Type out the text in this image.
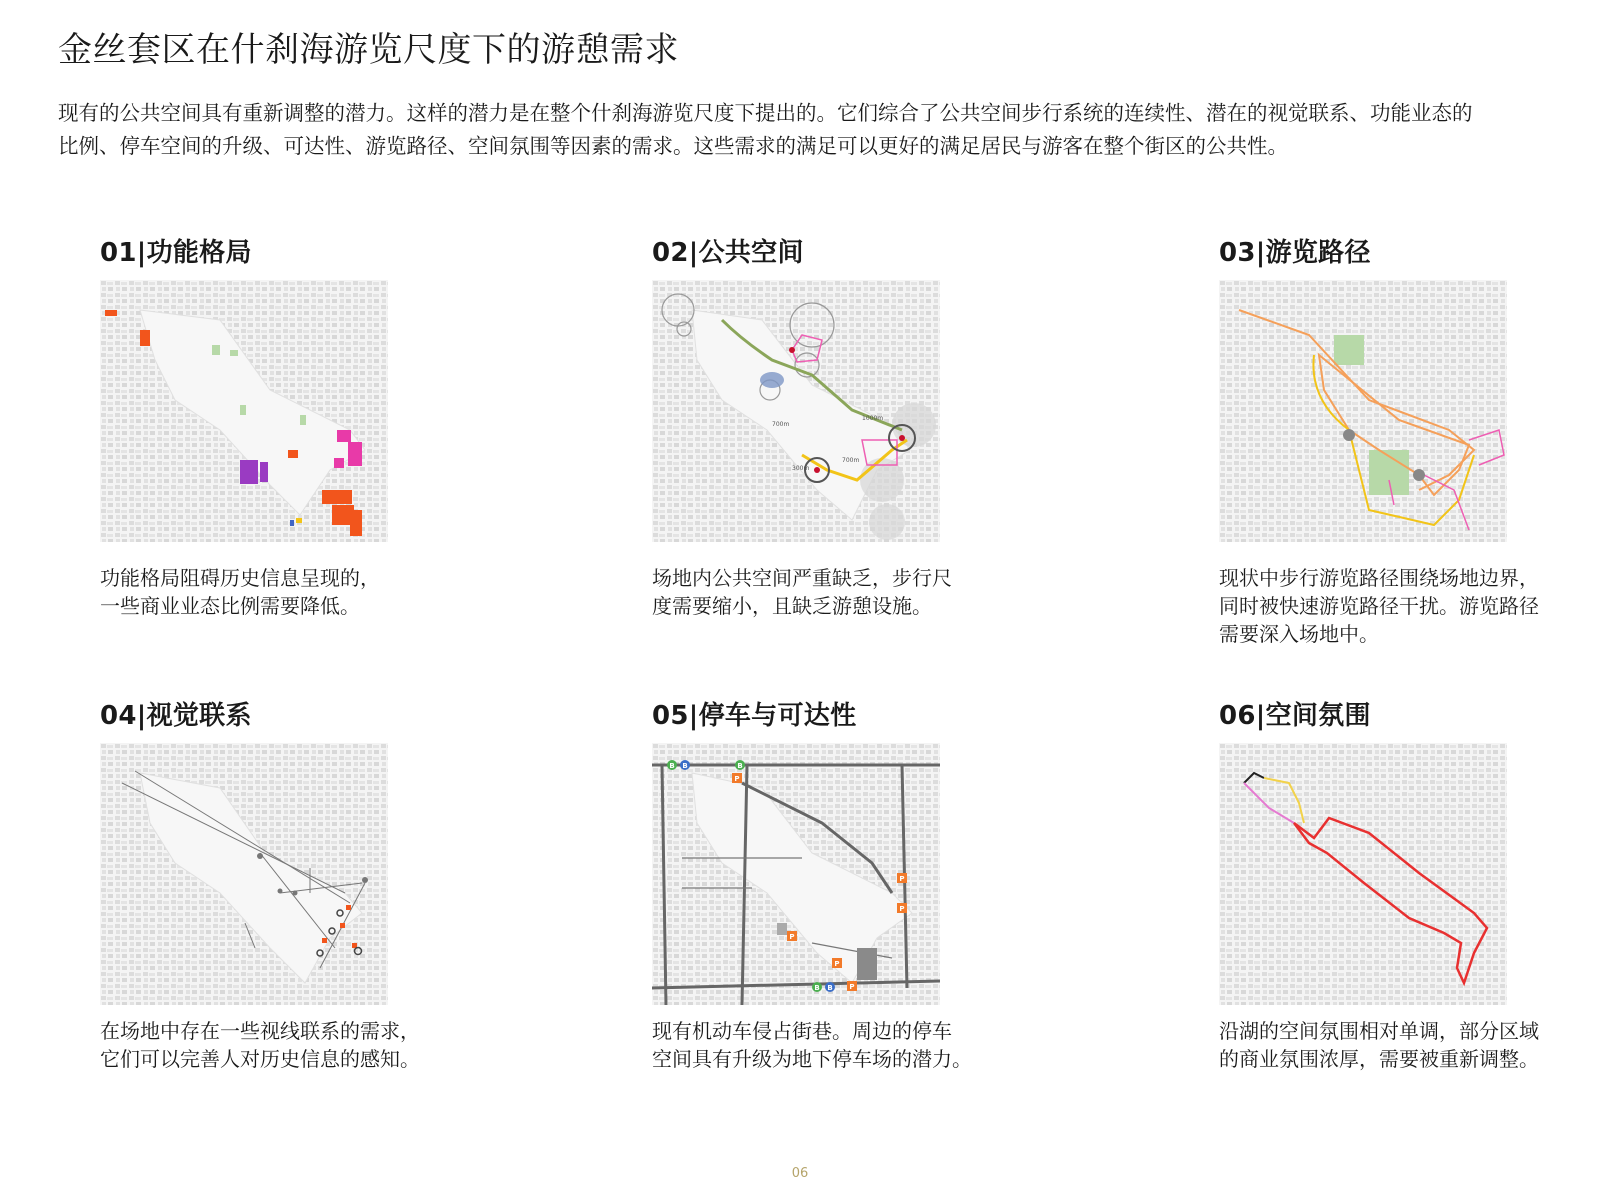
金丝套区在什刹海游览尺度下的游憩需求
现有的公共空间具有重新调整的潜力。这样的潜力是在整个什刹海游览尺度下提出的。它们综合了公共空间步行系统的连续性、潜在的视觉联系、功能业态的
比例、停车空间的升级、可达性、游览路径、空间氛围等因素的需求。这些需求的满足可以更好的满足居民与游客在整个街区的公共性。
01|功能格局
功能格局阻碍历史信息呈现的，
一些商业业态比例需要降低。
02|公共空间
700m
700m
300m
1000m
场地内公共空间严重缺乏，步行尺
度需要缩小，且缺乏游憩设施。
03|游览路径
现状中步行游览路径围绕场地边界，
同时被快速游览路径干扰。游览路径
需要深入场地中。
04|视觉联系
在场地中存在一些视线联系的需求，
它们可以完善人对历史信息的感知。
05|停车与可达性
P
P
P
P
P
P
B B	B
B B
现有机动车侵占街巷。周边的停车
空间具有升级为地下停车场的潜力。
06|空间氛围
沿湖的空间氛围相对单调，部分区域
的商业氛围浓厚，需要被重新调整。
06
